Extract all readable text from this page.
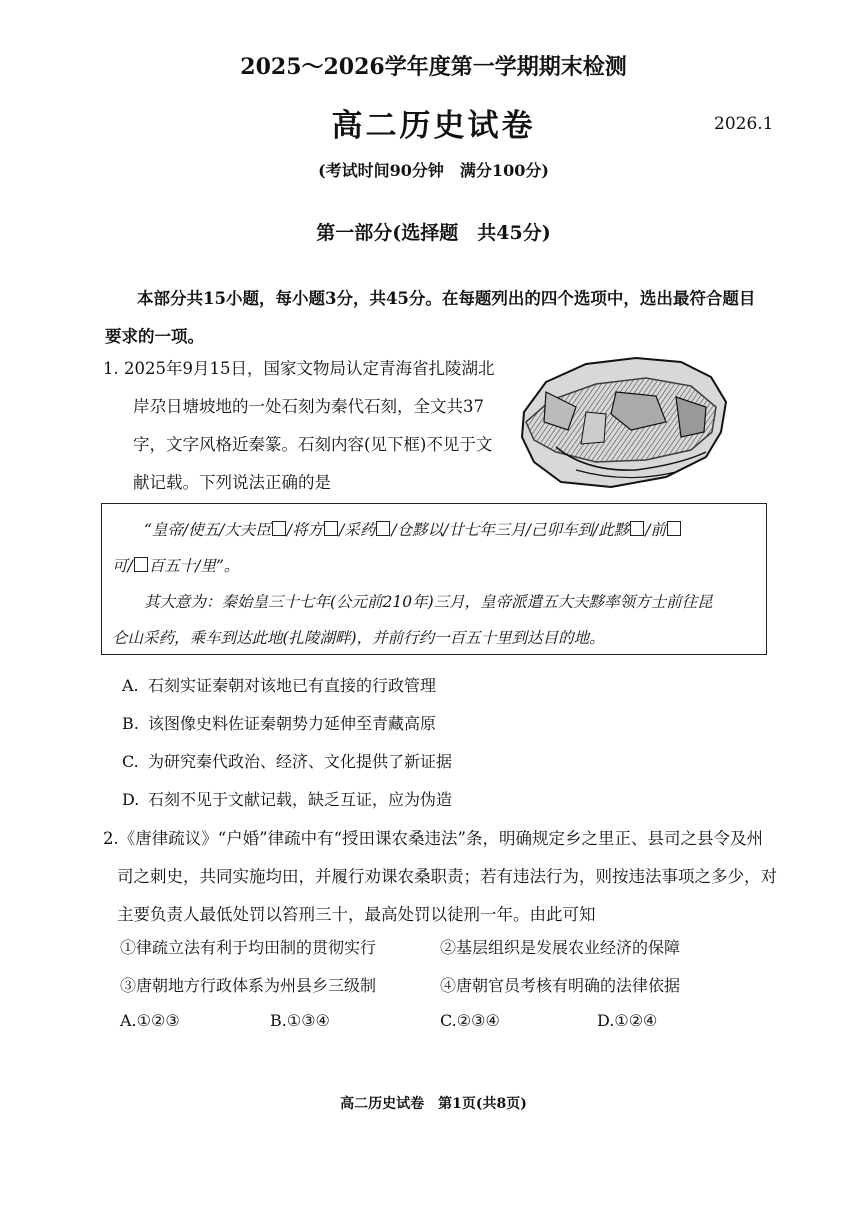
2025～2026学年度第一学期期末检测
高二历史试卷	2026.1
(考试时间90分钟　满分100分)
第一部分(选择题　共45分)
本部分共15小题，每小题3分，共45分。在每题列出的四个选项中，选出最符合题目
要求的一项。
1. 2025年9月15日，国家文物局认定青海省扎陵湖北
岸尕日塘坡地的一处石刻为秦代石刻，全文共37
字，文字风格近秦篆。石刻内容(见下框)不见于文
献记载。下列说法正确的是
“皇帝/使五/大夫臣 /将方 /采药 /仓黟以/廿七年三月/己卯车到/此黟 /前
可/ 百五十/里”。
其大意为：秦始皇三十七年(公元前210年)三月，皇帝派遣五大夫黟率领方士前往昆
仑山采药，乘车到达此地(扎陵湖畔)，并前行约一百五十里到达目的地。
A. 石刻实证秦朝对该地已有直接的行政管理
B. 该图像史料佐证秦朝势力延伸至青藏高原
C. 为研究秦代政治、经济、文化提供了新证据
D. 石刻不见于文献记载，缺乏互证，应为伪造
2.《唐律疏议》“户婚”律疏中有“授田课农桑违法”条，明确规定乡之里正、县司之县令及州
司之刺史，共同实施均田，并履行劝课农桑职责；若有违法行为，则按违法事项之多少，对
主要负责人最低处罚以笞刑三十，最高处罚以徒刑一年。由此可知
①律疏立法有利于均田制的贯彻实行	②基层组织是发展农业经济的保障
③唐朝地方行政体系为州县乡三级制	④唐朝官员考核有明确的法律依据
A.①②③	B.①③④	C.②③④	D.①②④
高二历史试卷　第1页(共8页)
